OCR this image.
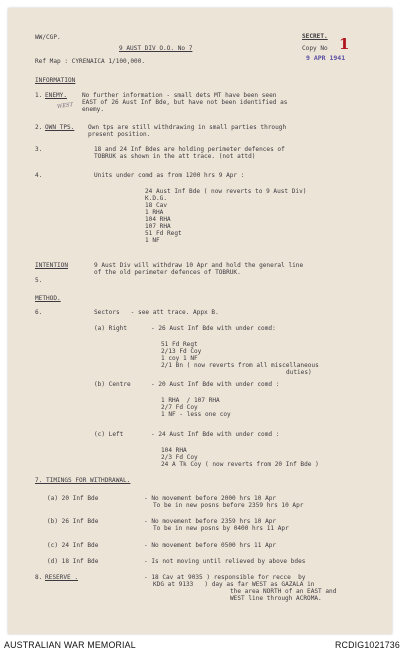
WW/CGP.	SECRET.
9 AUST DIV O.O. No 7	Copy No 1
9 APR 1941
Ref Map : CYRENAICA 1/100,000.
INFORMATION
1. ENEMY. No further information - small dets MT have been seen
EAST of 26 Aust Inf Bde, but have not been identified as
enemy.
WEST
2. OWN TPS. Own tps are still withdrawing in small parties through
present position.
3.	18 and 24 Inf Bdes are holding perimeter defences of
TOBRUK as shown in the att trace. (not attd)
4.	Units under comd as from 1200 hrs 9 Apr :
24 Aust Inf Bde ( now reverts to 9 Aust Div)
K.D.G.
18 Cav
1 RHA
104 RHA
107 RHA
51 Fd Regt
1 NF
INTENTION	9 Aust Div will withdraw 10 Apr and hold the general line
of the old perimeter defences of TOBRUK.
5.
METHOD.
6.	Sectors   - see att trace. Appx B.
(a) Right	- 26 Aust Inf Bde with under comd:
51 Fd Regt
2/13 Fd Coy
1 coy 1 NF
2/1 Bn ( now reverts from all miscellaneous
duties)
(b) Centre	- 20 Aust Inf Bde with under comd :
1 RHA  / 107 RHA
2/7 Fd Coy
1 NF - less one coy
(c) Left	- 24 Aust Inf Bde with under comd :
104 RHA
2/3 Fd Coy
24 A Tk Coy ( now reverts from 20 Inf Bde )
7. TIMINGS FOR WITHDRAWAL.
(a) 20 Inf Bde	- No movement before 2000 hrs 10 Apr
To be in new posns before 2359 hrs 10 Apr
(b) 26 Inf Bde	- No movement before 2359 hrs 10 Apr
To be in new posns by 0400 hrs 11 Apr
(c) 24 Inf Bde	- No movement before 0500 hrs 11 Apr
(d) 18 Inf Bde	- Is not moving until relieved by above bdes
8. RESERVE .	- 18 Cav at 9035 ) responsible for recce  by
KDG at 9133   ) day as far WEST as GAZALA in
the area NORTH of an EAST and
WEST line through ACROMA.
AUSTRALIAN WAR MEMORIAL	RCDIG1021736
